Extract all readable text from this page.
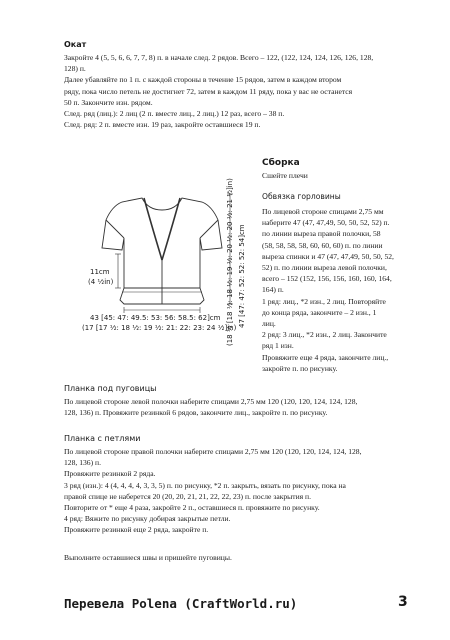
Окат

Закройте 4 (5, 5, 6, 6, 7, 7, 8) п. в начале след. 2 рядов. Всего – 122, (122, 124, 124, 126, 126, 128,

128) п.

Далее убавляйте по 1 п. с каждой стороны в течение 15 рядов, затем в каждом втором

ряду, пока число петель не достигнет 72, затем в каждом 11 ряду, пока у вас не останется

50 п. Закончите изн. рядом.

След. ряд (лиц.): 2 лиц (2 п. вместе лиц., 2 лиц.) 12 раз, всего – 38 п.

След. ряд: 2 п. вместе изн. 19 раз, закройте оставшиеся 19 п.

11cm
(4 ¹⁄₂in)
43 [45: 47: 49.5: 53: 56: 58.5: 62]cm
(17 [17 ¹⁄₂: 18 ¹⁄₂: 19 ¹⁄₂: 21: 22: 23: 24 ¹⁄₂]in) 47 [47: 47: 52: 52: 52: 54]cm
(18 ¹⁄₂ [18 ¹⁄₂: 18 ¹⁄₂: 19 ¹⁄₂: 20 ¹⁄₂: 20 ¹⁄₂: 21 ¹⁄₂]in)
Сборка
Сшейте плечи
Обвязка горловины

По лицевой стороне спицами 2,75 мм

наберите 47 (47, 47,49, 50, 50, 52, 52) п.

по линии выреза правой полочки, 58

(58, 58, 58, 58, 60, 60, 60) п. по линии

выреза спинки и 47 (47, 47,49, 50, 50, 52,

52) п. по линии выреза левой полочки,

всего – 152 (152, 156, 156, 160, 160, 164,

164) п.

1 ряд: лиц., *2 изн., 2 лиц. Повторяйте

до конца ряда, закончите – 2 изн., 1

лиц.

2 ряд: 3 лиц., *2 изн., 2 лиц. Закончите

ряд 1 изн.

Провяжите еще 4 ряда, закончите лиц.,

закройте п. по рисунку.

Планка под пуговицы

По лицевой стороне левой полочки наберите спицами 2,75 мм 120 (120, 120, 124, 124, 128,

128, 136) п. Провяжите резинкой 6 рядов, закончите лиц., закройте п. по рисунку.

Планка с петлями

По лицевой стороне правой полочки наберите спицами 2,75 мм 120 (120, 120, 124, 124, 128,

128, 136) п.

Провяжите резинкой 2 ряда.

3 ряд (изн.): 4 (4, 4, 4, 4, 3, 3, 5) п. по рисунку, *2 п. закрыть, вязать по рисунку, пока на

правой спице не наберется 20 (20, 20, 21, 21, 22, 22, 23) п. после закрытия п.

Повторите от * еще 4 раза, закройте 2 п., оставшиеся п. провяжите по рисунку.

4 ряд: Вяжите по рисунку добирая закрытые петли.

Провяжите резинкой еще 2 ряда, закройте п.

Выполните оставшиеся швы и пришейте пуговицы.
Перевела Polena (CraftWorld.ru)	3
